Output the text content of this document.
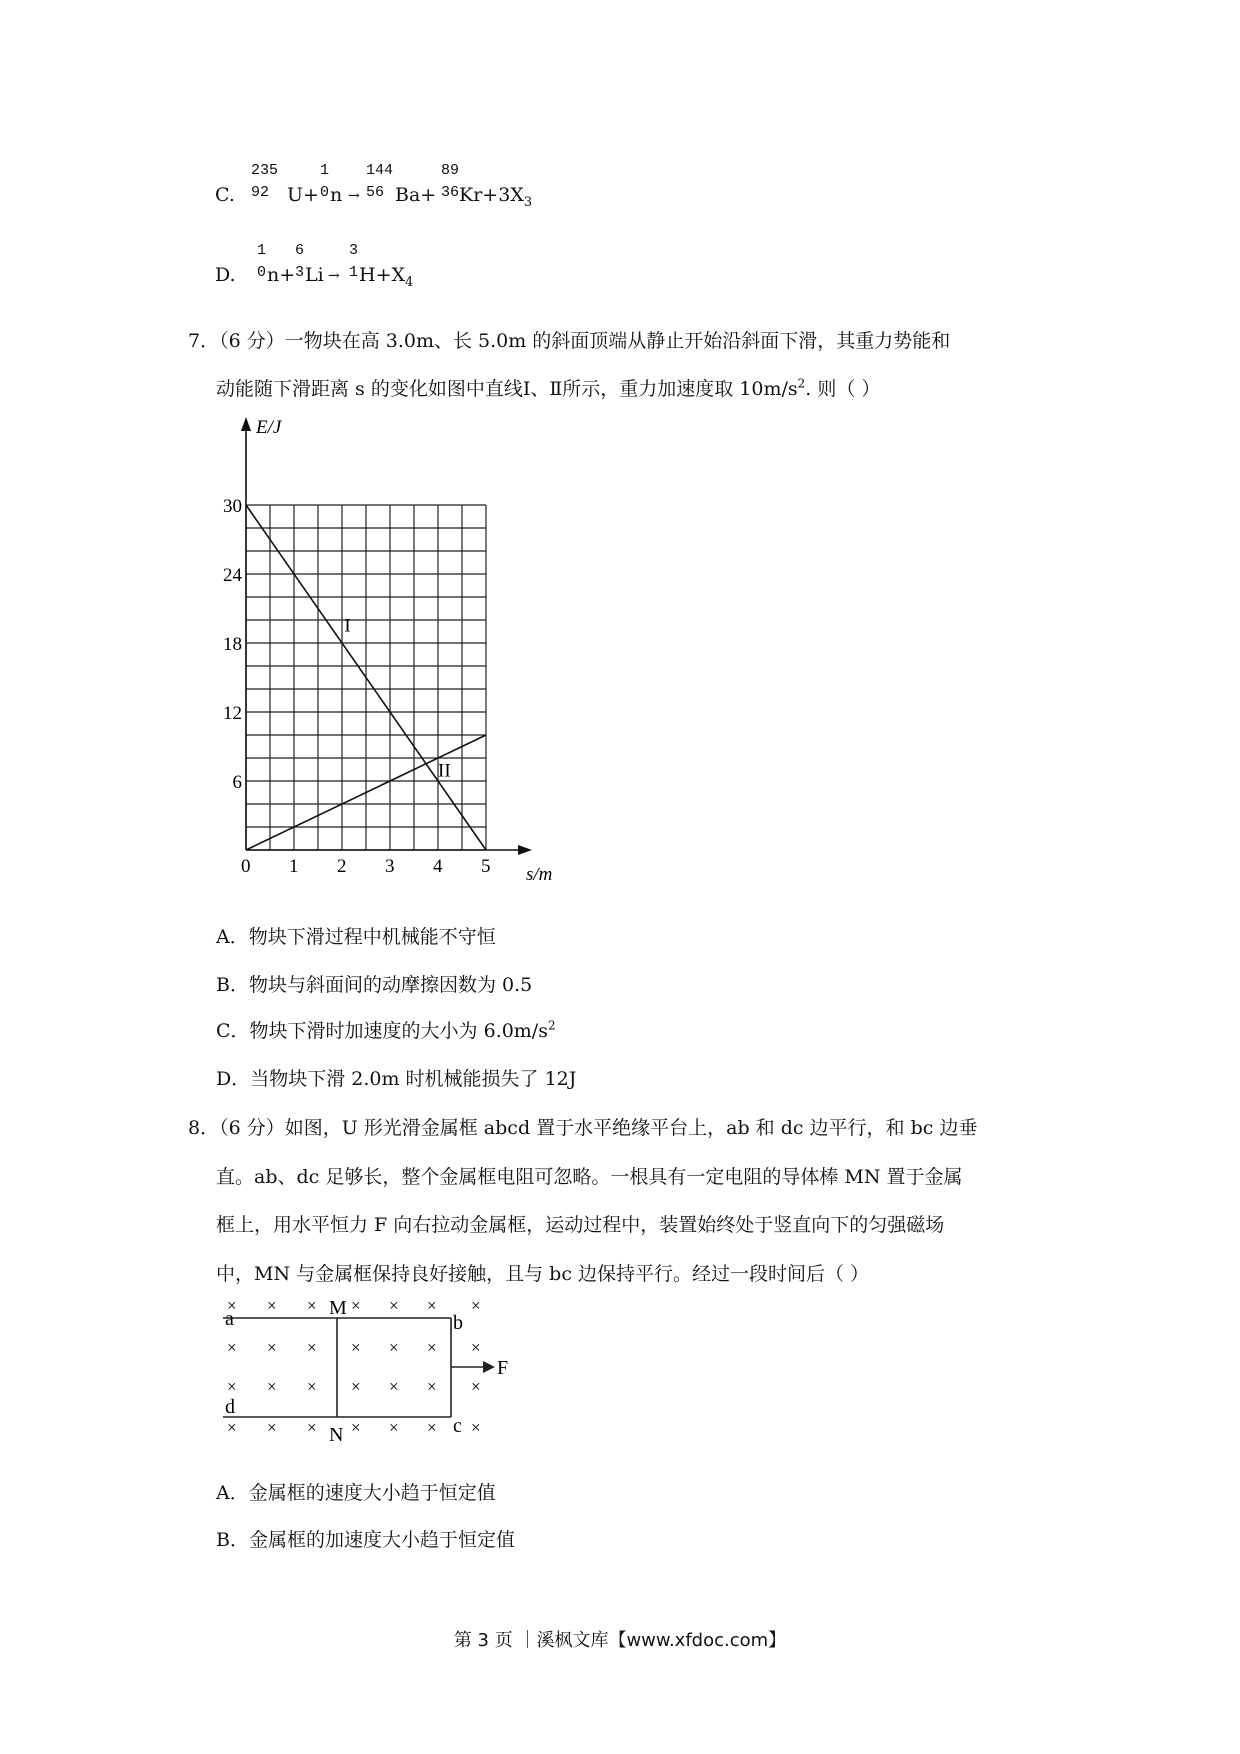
C.
235
92 U+
1
0 n →
144
56 Ba+
89
36 $Kr+3X_3$
D.
1
0 n+
6
3 Li →
3
1 $H+X_4$
7．（6 分）一物块在高 3.0m、长 5.0m 的斜面顶端从静止开始沿斜面下滑，其重力势能和
动能随下滑距离 s 的变化如图中直线Ⅰ、Ⅱ所示，重力加速度取 $10m/s^2$. 则（ ）
0 1 2 3 4 5
30
24
18
12
6
E/J
s/m
I
II
A．物块下滑过程中机械能不守恒
B．物块与斜面间的动摩擦因数为 0.5
C．物块下滑时加速度的大小为 $6.0m/s^2$
D．当物块下滑 2.0m 时机械能损失了 12J
8．（6 分）如图，U 形光滑金属框 abcd 置于水平绝缘平台上，ab 和 dc 边平行，和 bc 边垂
直。ab、dc 足够长，整个金属框电阻可忽略。一根具有一定电阻的导体棒 MN 置于金属
框上，用水平恒力 F 向右拉动金属框，运动过程中，装置始终处于竖直向下的匀强磁场
中，MN 与金属框保持良好接触，且与 bc 边保持平行。经过一段时间后（ ）
× × × × × × ×
× × × × × × ×
× × × × × × ×
× × × × × × ×
a	b
c
d
M
N
F
A．金属框的速度大小趋于恒定值
B．金属框的加速度大小趋于恒定值
第 3 页 ｜溪枫文库【www.xfdoc.com】
